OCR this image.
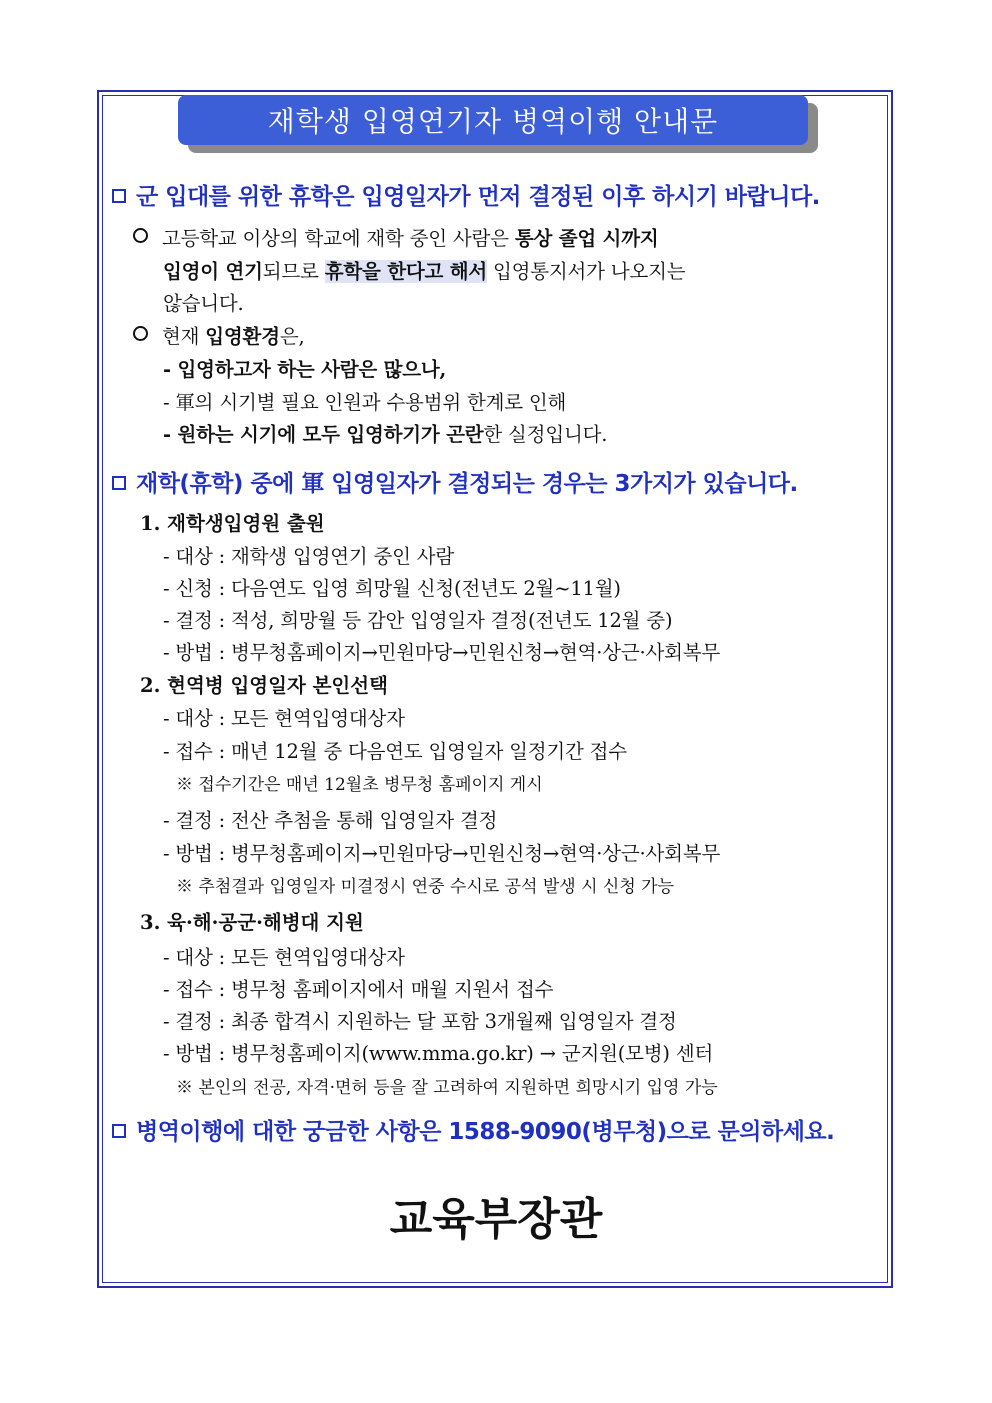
재학생 입영연기자 병역이행 안내문
군 입대를 위한 휴학은 입영일자가 먼저 결정된 이후 하시기 바랍니다.
고등학교 이상의 학교에 재학 중인 사람은 통상 졸업 시까지
입영이 연기되므로 휴학을 한다고 해서 입영통지서가 나오지는
않습니다.
현재 입영환경은,
- 입영하고자 하는 사람은 많으나,
- 軍의 시기별 필요 인원과 수용범위 한계로 인해
- 원하는 시기에 모두 입영하기가 곤란한 실정입니다.
재학(휴학) 중에 軍 입영일자가 결정되는 경우는 3가지가 있습니다.
1. 재학생입영원 출원
- 대상 : 재학생 입영연기 중인 사람
- 신청 : 다음연도 입영 희망월 신청(전년도 2월~11월)
- 결정 : 적성, 희망월 등 감안 입영일자 결정(전년도 12월 중)
- 방법 : 병무청홈페이지→민원마당→민원신청→현역·상근·사회복무
2. 현역병 입영일자 본인선택
- 대상 : 모든 현역입영대상자
- 접수 : 매년 12월 중 다음연도 입영일자 일정기간 접수
※ 접수기간은 매년 12월초 병무청 홈페이지 게시
- 결정 : 전산 추첨을 통해 입영일자 결정
- 방법 : 병무청홈페이지→민원마당→민원신청→현역·상근·사회복무
※ 추첨결과 입영일자 미결정시 연중 수시로 공석 발생 시 신청 가능
3. 육·해·공군·해병대 지원
- 대상 : 모든 현역입영대상자
- 접수 : 병무청 홈페이지에서 매월 지원서 접수
- 결정 : 최종 합격시 지원하는 달 포함 3개월째 입영일자 결정
- 방법 : 병무청홈페이지(www.mma.go.kr) → 군지원(모병) 센터
※ 본인의 전공, 자격·면허 등을 잘 고려하여 지원하면 희망시기 입영 가능
병역이행에 대한 궁금한 사항은 1588-9090(병무청)으로 문의하세요.
교육부장관
